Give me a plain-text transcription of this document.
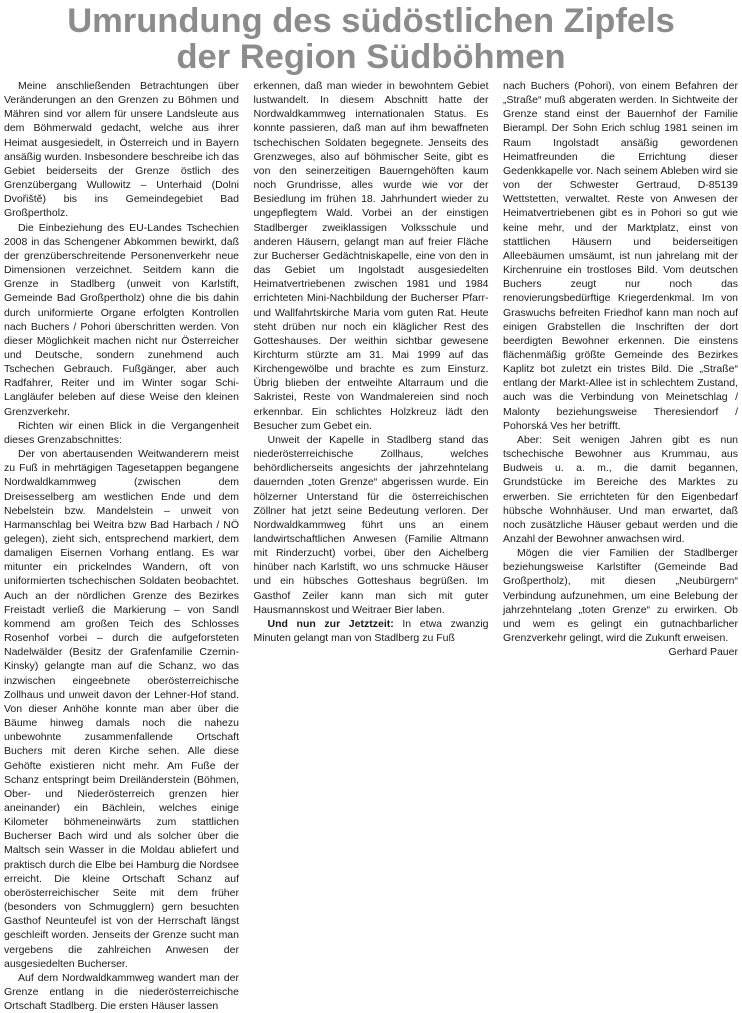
Umrundung des südöstlichen Zipfels
der Region Südböhmen

Meine anschließenden Betrachtungen über Veränderungen an den Grenzen zu Böhmen und Mähren sind vor allem für unsere Landsleute aus dem Böhmerwald gedacht, welche aus ihrer Heimat ausgesiedelt, in Österreich und in Bayern ansäßig wurden. Insbesondere beschreibe ich das Gebiet beiderseits der Grenze östlich des Grenzübergang Wullowitz – Unterhaid (Dolni Dvořiště) bis ins Gemeindegebiet Bad Großpertholz.

Die Einbeziehung des EU-Landes Tschechien 2008 in das Schengener Abkommen bewirkt, daß der grenzüberschreitende Personenverkehr neue Dimensionen verzeichnet. Seitdem kann die Grenze in Stadlberg (unweit von Karlstift, Gemeinde Bad Großpertholz) ohne die bis dahin durch uniformierte Organe erfolgten Kontrollen nach Buchers / Pohori überschritten werden. Von dieser Möglichkeit machen nicht nur Österreicher und Deutsche, sondern zunehmend auch Tschechen Gebrauch. Fußgänger, aber auch Radfahrer, Reiter und im Winter sogar Schi-Langläufer beleben auf diese Weise den kleinen Grenzverkehr.

Richten wir einen Blick in die Vergangenheit dieses Grenzabschnittes:

Der von abertausenden Weitwanderern meist zu Fuß in mehrtägigen Tagesetappen begangene Nordwaldkammweg (zwischen dem Dreisesselberg am westlichen Ende und dem Nebelstein bzw. Mandelstein – unweit von Harmanschlag bei Weitra bzw Bad Harbach / NÖ gelegen), zieht sich, entsprechend markiert, dem damaligen Eisernen Vorhang entlang. Es war mitunter ein prickelndes Wandern, oft von uniformierten tschechischen Soldaten beobachtet. Auch an der nördlichen Grenze des Bezirkes Freistadt verließ die Markierung – von Sandl kommend am großen Teich des Schlosses Rosenhof vorbei – durch die aufgeforsteten Nadelwälder (Besitz der Grafenfamilie Czernin-Kinsky) gelangte man auf die Schanz, wo das inzwischen eingeebnete oberösterreichische Zollhaus und unweit davon der Lehner-Hof stand. Von dieser Anhöhe konnte man aber über die Bäume hinweg damals noch die nahezu unbewohnte zusammenfallende Ortschaft Buchers mit deren Kirche sehen. Alle diese Gehöfte existieren nicht mehr. Am Fuße der Schanz entspringt beim Dreiländerstein (Böhmen, Ober- und Niederösterreich grenzen hier aneinander) ein Bächlein, welches einige Kilometer böhmeneinwärts zum stattlichen Bucherser Bach wird und als solcher über die Maltsch sein Wasser in die Moldau abliefert und praktisch durch die Elbe bei Hamburg die Nordsee erreicht. Die kleine Ortschaft Schanz auf oberösterreichischer Seite mit dem früher (besonders von Schmugglern) gern besuchten Gasthof Neunteufel ist von der Herrschaft längst geschleift worden. Jenseits der Grenze sucht man vergebens die zahlreichen Anwesen der ausgesiedelten Bucherser.

Auf dem Nordwaldkammweg wandert man der Grenze entlang in die niederösterreichische Ortschaft Stadlberg. Die ersten Häuser lassen

erkennen, daß man wieder in bewohntem Gebiet lustwandelt. In diesem Abschnitt hatte der Nordwaldkammweg internationalen Status. Es konnte passieren, daß man auf ihm bewaffneten tschechischen Soldaten begegnete. Jenseits des Grenzweges, also auf böhmischer Seite, gibt es von den seinerzeitigen Bauerngehöften kaum noch Grundrisse, alles wurde wie vor der Besiedlung im frühen 18. Jahrhundert wieder zu ungepflegtem Wald. Vorbei an der einstigen Stadlberger zweiklassigen Volksschule und anderen Häusern, gelangt man auf freier Fläche zur Bucherser Gedächtniskapelle, eine von den in das Gebiet um Ingolstadt ausgesiedelten Heimatvertriebenen zwischen 1981 und 1984 errichteten Mini-Nachbildung der Bucherser Pfarr- und Wallfahrtskirche Maria vom guten Rat. Heute steht drüben nur noch ein kläglicher Rest des Gotteshauses. Der weithin sichtbar gewesene Kirchturm stürzte am 31. Mai 1999 auf das Kirchengewölbe und brachte es zum Einsturz. Übrig blieben der entweihte Altarraum und die Sakristei, Reste von Wandmalereien sind noch erkennbar. Ein schlichtes Holzkreuz lädt den Besucher zum Gebet ein.

Unweit der Kapelle in Stadlberg stand das niederösterreichische Zollhaus, welches behördlicherseits angesichts der jahrzehntelang dauernden „toten Grenze“ abgerissen wurde. Ein hölzerner Unterstand für die österreichischen Zöllner hat jetzt seine Bedeutung verloren. Der Nordwaldkammweg führt uns an einem landwirtschaftlichen Anwesen (Familie Altmann mit Rinderzucht) vorbei, über den Aichelberg hinüber nach Karlstift, wo uns schmucke Häuser und ein hübsches Gotteshaus begrüßen. Im Gasthof Zeiler kann man sich mit guter Hausmannskost und Weitraer Bier laben.

Und nun zur Jetztzeit: In etwa zwanzig Minuten gelangt man von Stadlberg zu Fuß

nach Buchers (Pohori), von einem Befahren der „Straße“ muß abgeraten werden. In Sichtweite der Grenze stand einst der Bauernhof der Familie Bierampl. Der Sohn Erich schlug 1981 seinen im Raum Ingolstadt ansäßig gewordenen Heimatfreunden die Errichtung dieser Gedenkkapelle vor. Nach seinem Ableben wird sie von der Schwester Gertraud, D-85139 Wettstetten, verwaltet. Reste von Anwesen der Heimatvertriebenen gibt es in Pohori so gut wie keine mehr, und der Marktplatz, einst von stattlichen Häusern und beiderseitigen Alleebäumen umsäumt, ist nun jahrelang mit der Kirchenruine ein trostloses Bild. Vom deutschen Buchers zeugt nur noch das renovierungsbedürftige Kriegerdenkmal. Im von Graswuchs befreiten Friedhof kann man noch auf einigen Grabstellen die Inschriften der dort beerdigten Bewohner erkennen. Die einstens flächenmäßig größte Gemeinde des Bezirkes Kaplitz bot zuletzt ein tristes Bild. Die „Straße“ entlang der Markt-Allee ist in schlechtem Zustand, auch was die Verbindung von Meinetschlag / Malonty beziehungsweise Theresiendorf / Pohorská Ves her betrifft.

Aber: Seit wenigen Jahren gibt es nun tschechische Bewohner aus Krummau, aus Budweis u. a. m., die damit begannen, Grundstücke im Bereiche des Marktes zu erwerben. Sie errichteten für den Eigenbedarf hübsche Wohnhäuser. Und man erwartet, daß noch zusätzliche Häuser gebaut werden und die Anzahl der Bewohner anwachsen wird.

Mögen die vier Familien der Stadlberger beziehungsweise Karlstifter (Gemeinde Bad Großpertholz), mit diesen „Neubürgern“ Verbindung aufzunehmen, um eine Belebung der jahrzehntelang „toten Grenze“ zu erwirken. Ob und wem es gelingt ein gutnachbarlicher Grenzverkehr gelingt, wird die Zukunft erweisen.
Gerhard Pauer
